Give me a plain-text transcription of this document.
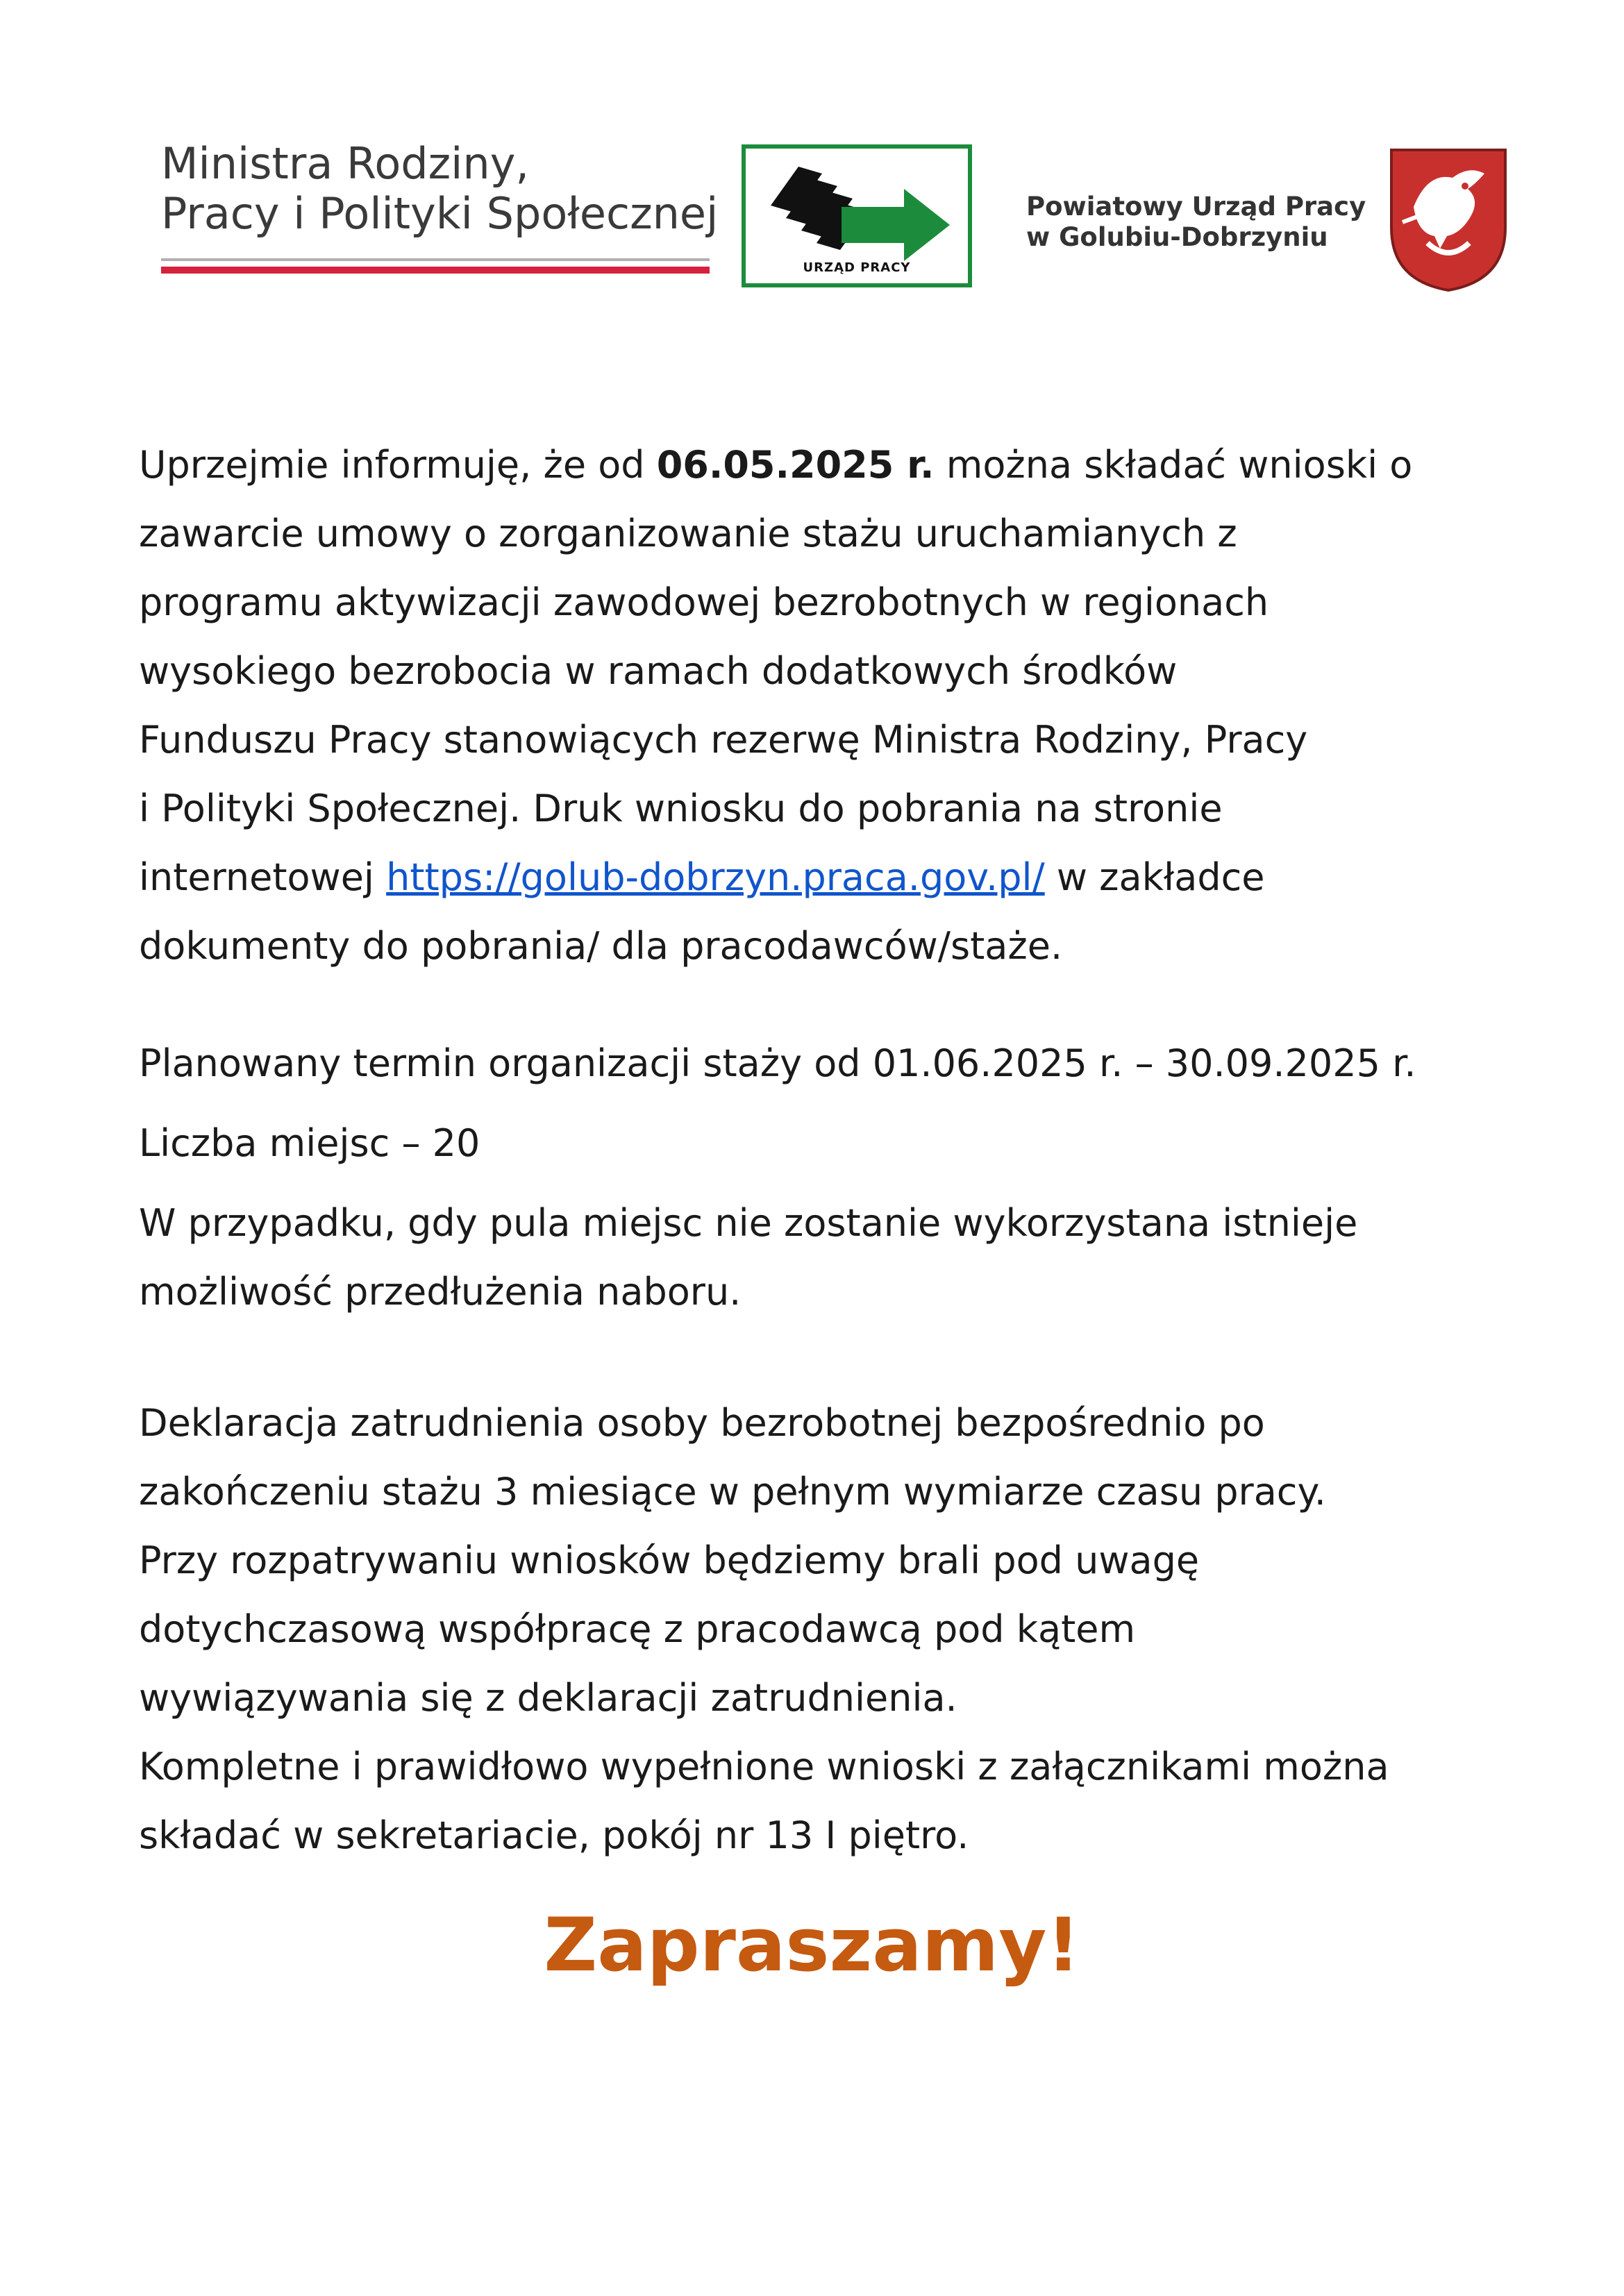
Ministra Rodziny,
Pracy i Polityki Społecznej
URZĄD PRACY
Powiatowy Urząd Pracy
w Golubiu-Dobrzyniu

Uprzejmie informuję, że od 06.05.2025 r. można składać wnioski o
zawarcie umowy o zorganizowanie stażu uruchamianych z
programu aktywizacji zawodowej bezrobotnych w regionach
wysokiego bezrobocia w ramach dodatkowych środków
Funduszu Pracy stanowiących rezerwę Ministra Rodziny, Pracy
i Polityki Społecznej. Druk wniosku do pobrania na stronie
internetowej https://golub-dobrzyn.praca.gov.pl/ w zakładce
dokumenty do pobrania/ dla pracodawców/staże.

Planowany termin organizacji staży od 01.06.2025 r. – 30.09.2025 r.

Liczba miejsc – 20

W przypadku, gdy pula miejsc nie zostanie wykorzystana istnieje
możliwość przedłużenia naboru.

Deklaracja zatrudnienia osoby bezrobotnej bezpośrednio po
zakończeniu stażu 3 miesiące w pełnym wymiarze czasu pracy.
Przy rozpatrywaniu wniosków będziemy brali pod uwagę
dotychczasową współpracę z pracodawcą pod kątem
wywiązywania się z deklaracji zatrudnienia.
Kompletne i prawidłowo wypełnione wnioski z załącznikami można
składać w sekretariacie, pokój nr 13 I piętro.

Zapraszamy!
